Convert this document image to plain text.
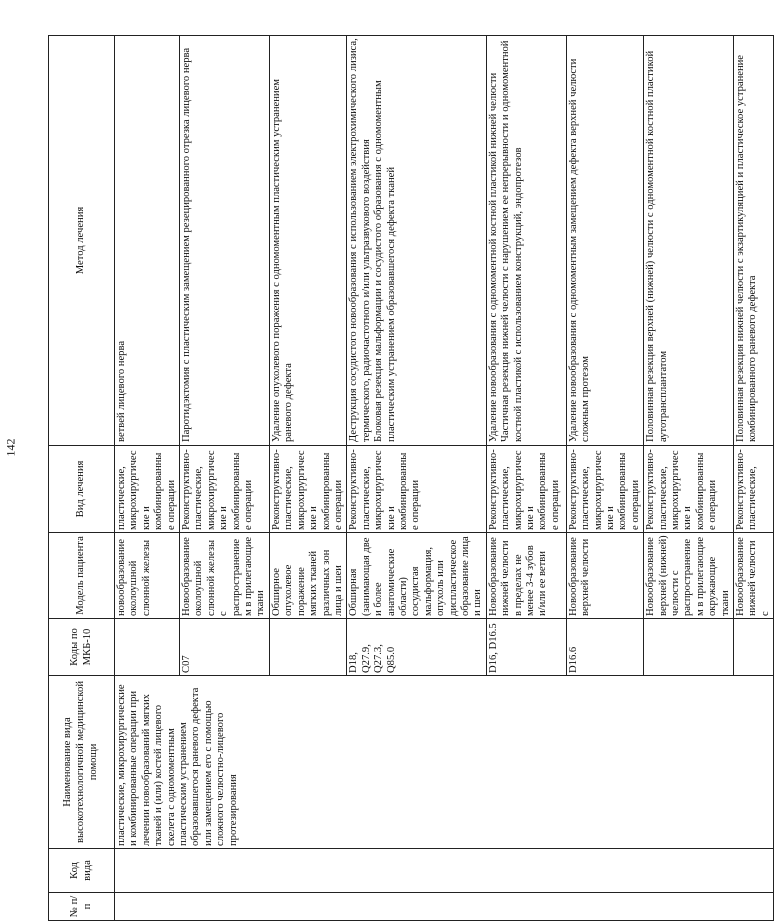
142
№ п/п	Код вида	Наименование вида высокотехнологичной медицинской помощи	Коды по МКБ-10	Модель пациента	Вид лечения	Метод лечения
		пластические, микрохирургические и комбинированные операции при лечении новообразований мягких тканей и (или) костей лицевого скелета с одномоментным пластическим устранением образовавшегося раневого дефекта или замещением его с помощью сложного челюстно-лицевого протезирования		новообразование околоушной слюнной железы	пластические, микрохирургические и комбинированные операции	ветвей лицевого нерва
			C07	Новообразование околоушной слюнной железы с распространением в прилегающие ткани	Реконструктивно-пластические, микрохирургические и комбинированные операции	Паротидэктомия с пластическим замещением резецированного отрезка лицевого нерва
				Обширное опухолевое поражение мягких тканей различных зон лица и шеи	Реконструктивно-пластические, микрохирургические и комбинированные операции	Удаление опухолевого поражения с одномоментным пластическим устранением раневого дефекта
			D18, Q27.9, Q27.3, Q85.0	Обширная (занимающая две и более анатомические области) сосудистая мальформация, опухоль или диспластическое образование лица и шеи	Реконструктивно-пластические, микрохирургические и комбинированные операции	Деструкция сосудистого новообразования с использованием электрохимического лизиса, термического, радиочастотного и/или ультразвукового воздействия
Блоковая резекция мальформации и сосудистого образования с одномоментным пластическим устранением образовавшегося дефекта тканей
			D16, D16.5	Новообразование нижней челюсти в пределах не менее 3-4 зубов и/или ее ветви	Реконструктивно-пластические, микрохирургические и комбинированные операции	Удаление новообразования с одномоментной костной пластикой нижней челюсти
Частичная резекция нижней челюсти с нарушением ее непрерывности и одномоментной костной пластикой с использованием конструкций, эндопротезов
			D16.6	Новообразование верхней челюсти	Реконструктивно-пластические, микрохирургические и комбинированные операции	Удаление новообразования с одномоментным замещением дефекта верхней челюсти сложным протезом
				Новообразование верхней (нижней) челюсти с распространением в прилегающие окружающие ткани	Реконструктивно-пластические, микрохирургические и комбинированные операции	Половинная резекция верхней (нижней) челюсти с одномоментной костной пластикой аутотрансплантатом
				Новообразование нижней челюсти с	Реконструктивно-пластические,	Половинная резекция нижней челюсти с экзартикуляцией и пластическое устранение комбинированного раневого дефекта
